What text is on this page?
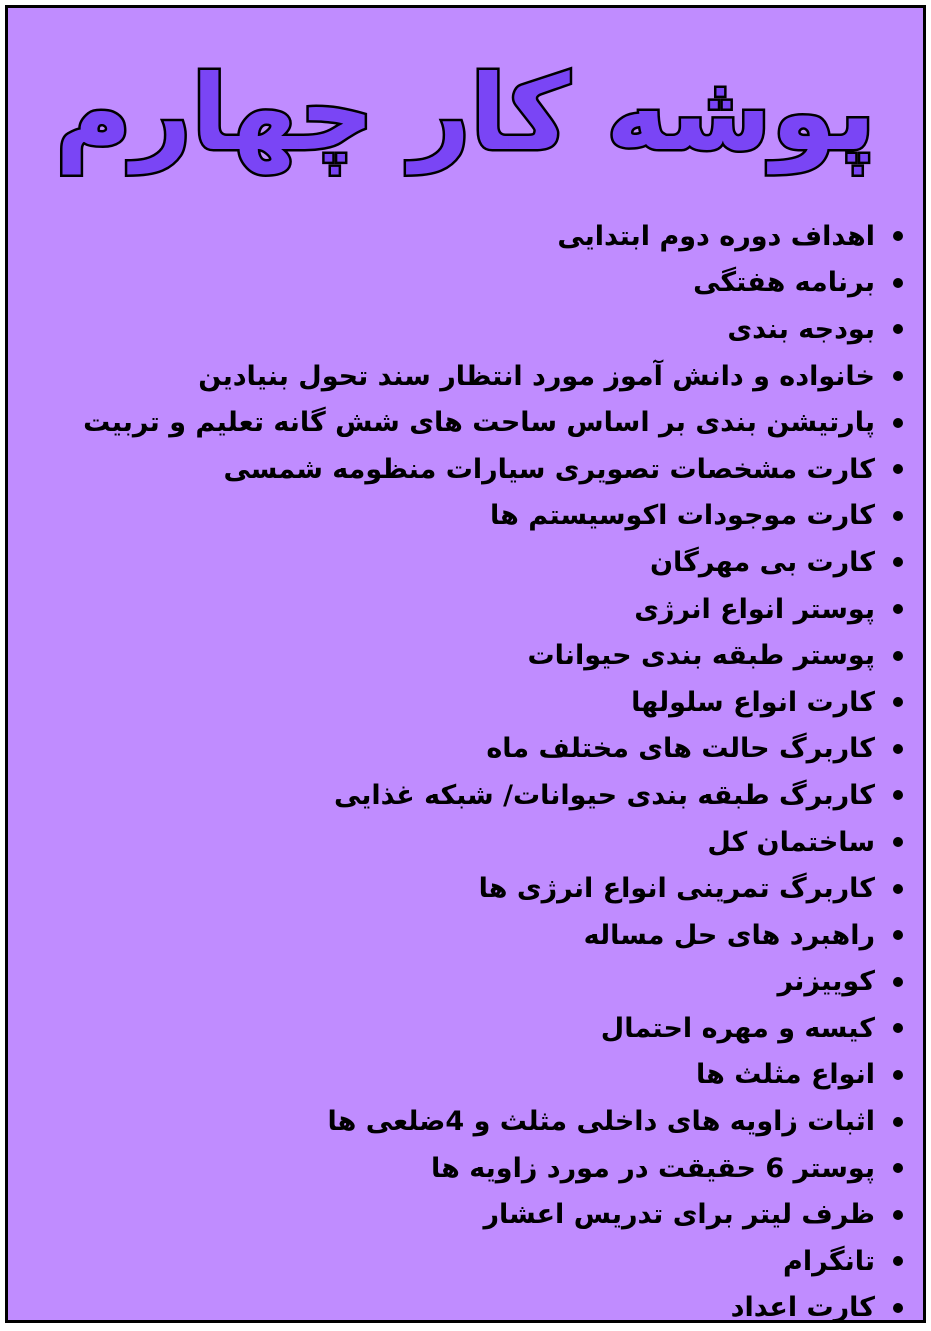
پوشه کار چهارم
اهداف دوره دوم ابتدایی
برنامه هفتگی
بودجه بندی
خانواده و دانش آموز مورد انتظار سند تحول بنیادین
پارتیشن بندی بر اساس ساحت های شش گانه تعلیم و تربیت
کارت مشخصات تصویری سیارات منظومه شمسی
کارت موجودات اکوسیستم ها
کارت بی مهرگان
پوستر انواع انرژی
پوستر طبقه بندی حیوانات
کارت انواع سلولها
کاربرگ حالت های مختلف ماه
کاربرگ طبقه بندی حیوانات/ شبکه غذایی
ساختمان کل
کاربرگ تمرینی انواع انرژی ها
راهبرد های حل مساله
کوییزنر
کیسه و مهره احتمال
انواع مثلث ها
اثبات زاویه های داخلی مثلث و 4ضلعی ها
پوستر 6 حقیقت در مورد زاویه ها
ظرف لیتر برای تدریس اعشار
تانگرام
کارت اعداد
